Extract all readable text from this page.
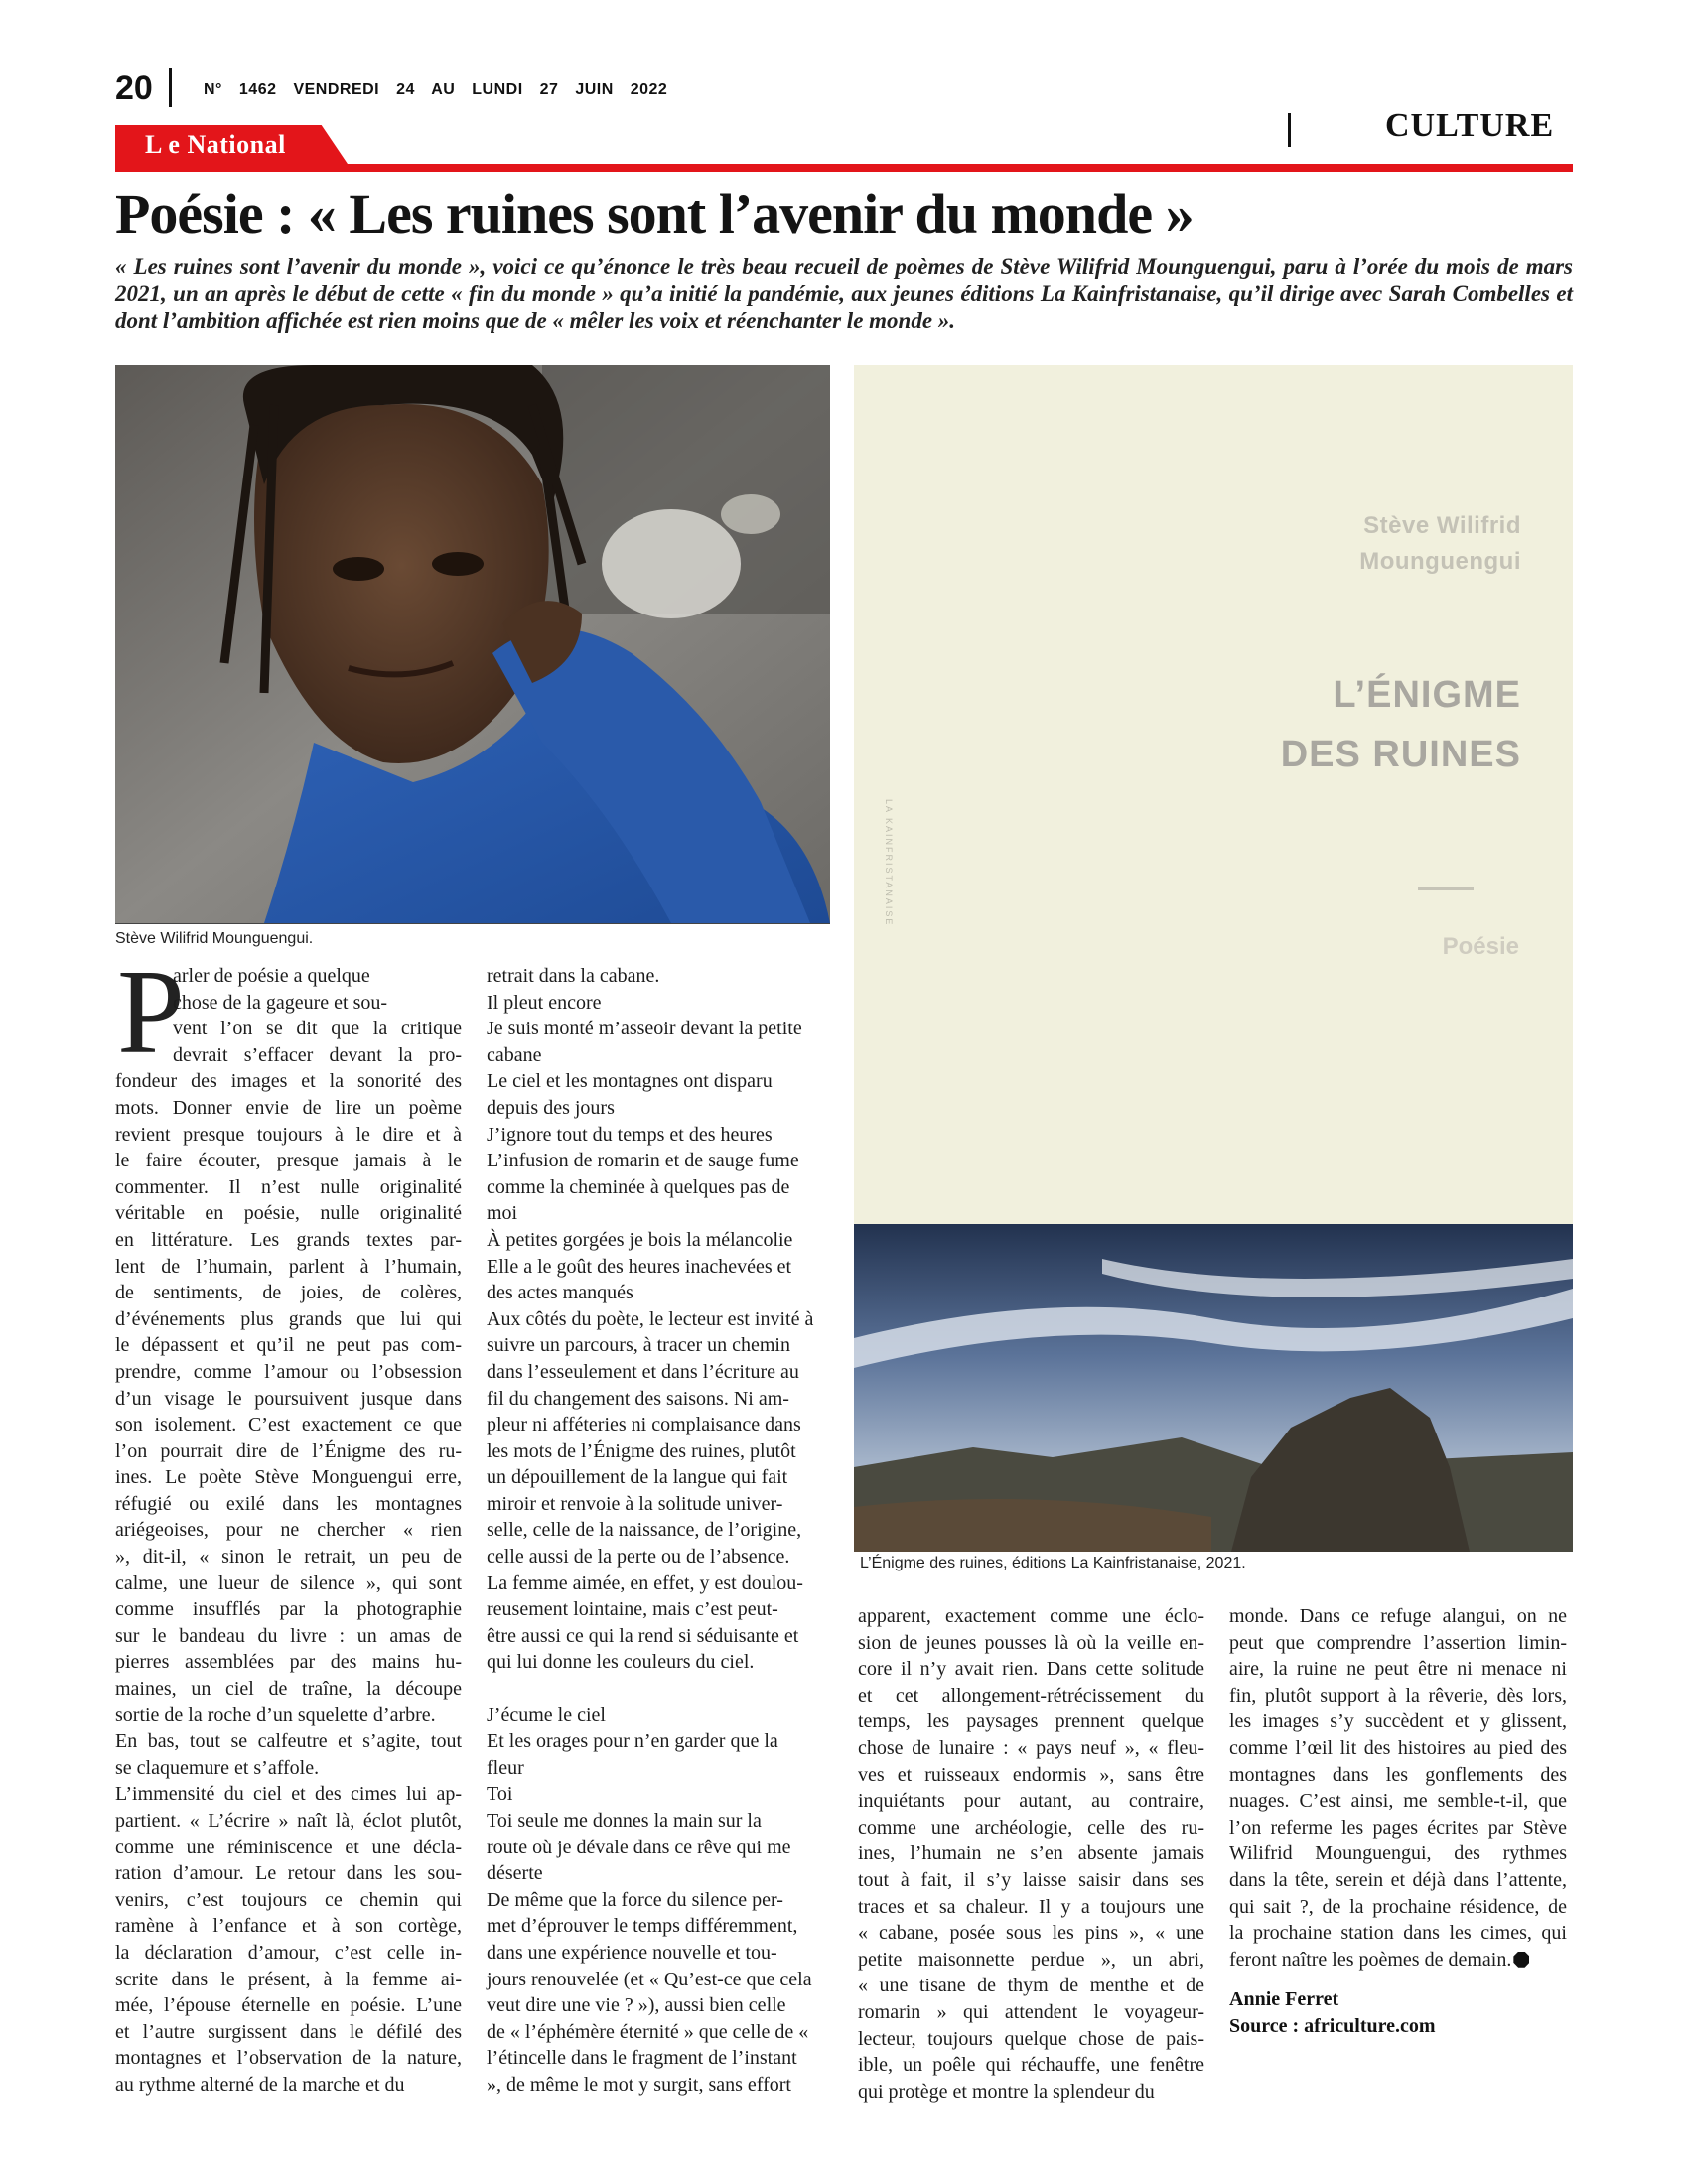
20	N° 1462 VENDREDI 24 AU LUNDI 27 JUIN 2022
L e National
CULTURE
Poésie : « Les ruines sont l’avenir du monde »
« Les ruines sont l’avenir du monde », voici ce qu’énonce le très beau recueil de poèmes de Stève Wilifrid Mounguengui, paru à l’orée du mois de mars 2021, un an après le début de cette « fin du monde » qu’a initié la pandémie, aux jeunes éditions La Kainfristanaise, qu’il dirige avec Sarah Combelles et dont l’ambition affichée est rien moins que de « mêler les voix et réenchanter le monde ».
Stève Wilifrid Mounguengui.
Stève Wilifrid
Mounguengui
L’ÉNIGME
DES RUINES
Poésie
LA KAINFRISTANAISE
L’Énigme des ruines, éditions La Kainfristanaise, 2021.
P
arler de poésie a quelque
chose de la gageure et sou-
vent l’on se dit que la critique
devrait s’effacer devant la pro-
fondeur des images et la sonorité des
mots. Donner envie de lire un poème
revient presque toujours à le dire et à
le faire écouter, presque jamais à le
commenter. Il n’est nulle originalité
véritable en poésie, nulle originalité
en littérature. Les grands textes par-
lent de l’humain, parlent à l’humain,
de sentiments, de joies, de colères,
d’événements plus grands que lui qui
le dépassent et qu’il ne peut pas com-
prendre, comme l’amour ou l’obsession
d’un visage le poursuivent jusque dans
son isolement. C’est exactement ce que
l’on pourrait dire de l’Énigme des ru-
ines. Le poète Stève Monguengui erre,
réfugié ou exilé dans les montagnes
ariégeoises, pour ne chercher « rien
», dit-il, « sinon le retrait, un peu de
calme, une lueur de silence », qui sont
comme insufflés par la photographie
sur le bandeau du livre : un amas de
pierres assemblées par des mains hu-
maines, un ciel de traîne, la découpe
sortie de la roche d’un squelette d’arbre.
En bas, tout se calfeutre et s’agite, tout
se claquemure et s’affole.
L’immensité du ciel et des cimes lui ap-
partient. « L’écrire » naît là, éclot plutôt,
comme une réminiscence et une décla-
ration d’amour. Le retour dans les sou-
venirs, c’est toujours ce chemin qui
ramène à l’enfance et à son cortège,
la déclaration d’amour, c’est celle in-
scrite dans le présent, à la femme ai-
mée, l’épouse éternelle en poésie. L’une
et l’autre surgissent dans le défilé des
montagnes et l’observation de la nature,
au rythme alterné de la marche et du
retrait dans la cabane.
Il pleut encore
Je suis monté m’asseoir devant la petite
cabane
Le ciel et les montagnes ont disparu
depuis des jours
J’ignore tout du temps et des heures
L’infusion de romarin et de sauge fume
comme la cheminée à quelques pas de
moi
À petites gorgées je bois la mélancolie
Elle a le goût des heures inachevées et
des actes manqués
Aux côtés du poète, le lecteur est invité à
suivre un parcours, à tracer un chemin
dans l’esseulement et dans l’écriture au
fil du changement des saisons. Ni am-
pleur ni afféteries ni complaisance dans
les mots de l’Énigme des ruines, plutôt
un dépouillement de la langue qui fait
miroir et renvoie à la solitude univer-
selle, celle de la naissance, de l’origine,
celle aussi de la perte ou de l’absence.
La femme aimée, en effet, y est doulou-
reusement lointaine, mais c’est peut-
être aussi ce qui la rend si séduisante et
qui lui donne les couleurs du ciel.
J’écume le ciel
Et les orages pour n’en garder que la
fleur
Toi
Toi seule me donnes la main sur la
route où je dévale dans ce rêve qui me
déserte
De même que la force du silence per-
met d’éprouver le temps différemment,
dans une expérience nouvelle et tou-
jours renouvelée (et « Qu’est-ce que cela
veut dire une vie ? »), aussi bien celle
de « l’éphémère éternité » que celle de «
l’étincelle dans le fragment de l’instant
», de même le mot y surgit, sans effort
apparent, exactement comme une éclo-
sion de jeunes pousses là où la veille en-
core il n’y avait rien. Dans cette solitude
et cet allongement-rétrécissement du
temps, les paysages prennent quelque
chose de lunaire : « pays neuf », « fleu-
ves et ruisseaux endormis », sans être
inquiétants pour autant, au contraire,
comme une archéologie, celle des ru-
ines, l’humain ne s’en absente jamais
tout à fait, il s’y laisse saisir dans ses
traces et sa chaleur. Il y a toujours une
« cabane, posée sous les pins », « une
petite maisonnette perdue », un abri,
« une tisane de thym de menthe et de
romarin » qui attendent le voyageur-
lecteur, toujours quelque chose de pais-
ible, un poêle qui réchauffe, une fenêtre
qui protège et montre la splendeur du
monde. Dans ce refuge alangui, on ne
peut que comprendre l’assertion limin-
aire, la ruine ne peut être ni menace ni
fin, plutôt support à la rêverie, dès lors,
les images s’y succèdent et y glissent,
comme l’œil lit des histoires au pied des
montagnes dans les gonflements des
nuages. C’est ainsi, me semble-t-il, que
l’on referme les pages écrites par Stève
Wilifrid Mounguengui, des rythmes
dans la tête, serein et déjà dans l’attente,
qui sait ?, de la prochaine résidence, de
la prochaine station dans les cimes, qui
feront naître les poèmes de demain.
Annie Ferret
Source : africulture.com
